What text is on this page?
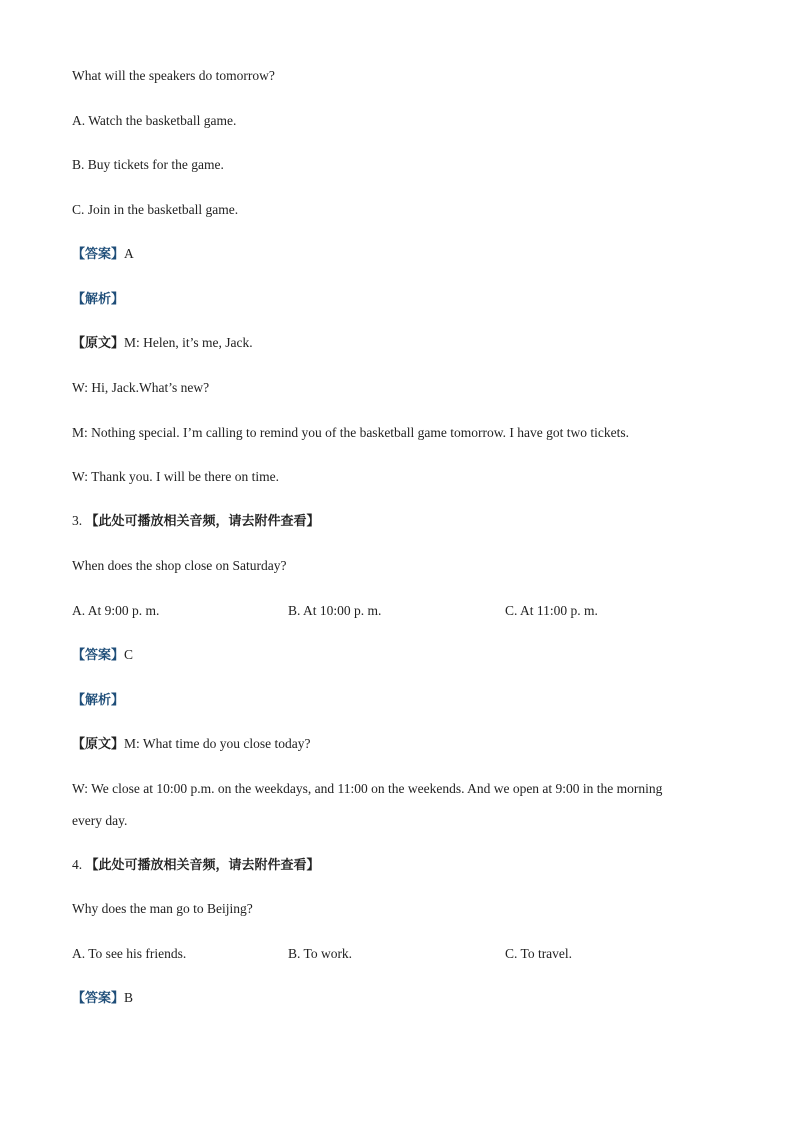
What will the speakers do tomorrow?
A. Watch the basketball game.
B. Buy tickets for the game.
C. Join in the basketball game.
【答案】A
【解析】
【原文】M: Helen, it’s me, Jack.
W: Hi, Jack.What’s new?
M: Nothing special. I’m calling to remind you of the basketball game tomorrow. I have got two tickets.
W: Thank you. I will be there on time.
3. 【此处可播放相关音频，请去附件查看】
When does the shop close on Saturday?
A. At 9:00 p. m.	B. At 10:00 p. m.	C. At 11:00 p. m.
【答案】C
【解析】
【原文】M: What time do you close today?
W: We close at 10:00 p.m. on the weekdays, and 11:00 on the weekends. And we open at 9:00 in the morning
every day.
4. 【此处可播放相关音频，请去附件查看】
Why does the man go to Beijing?
A. To see his friends.	B. To work.	C. To travel.
【答案】B
